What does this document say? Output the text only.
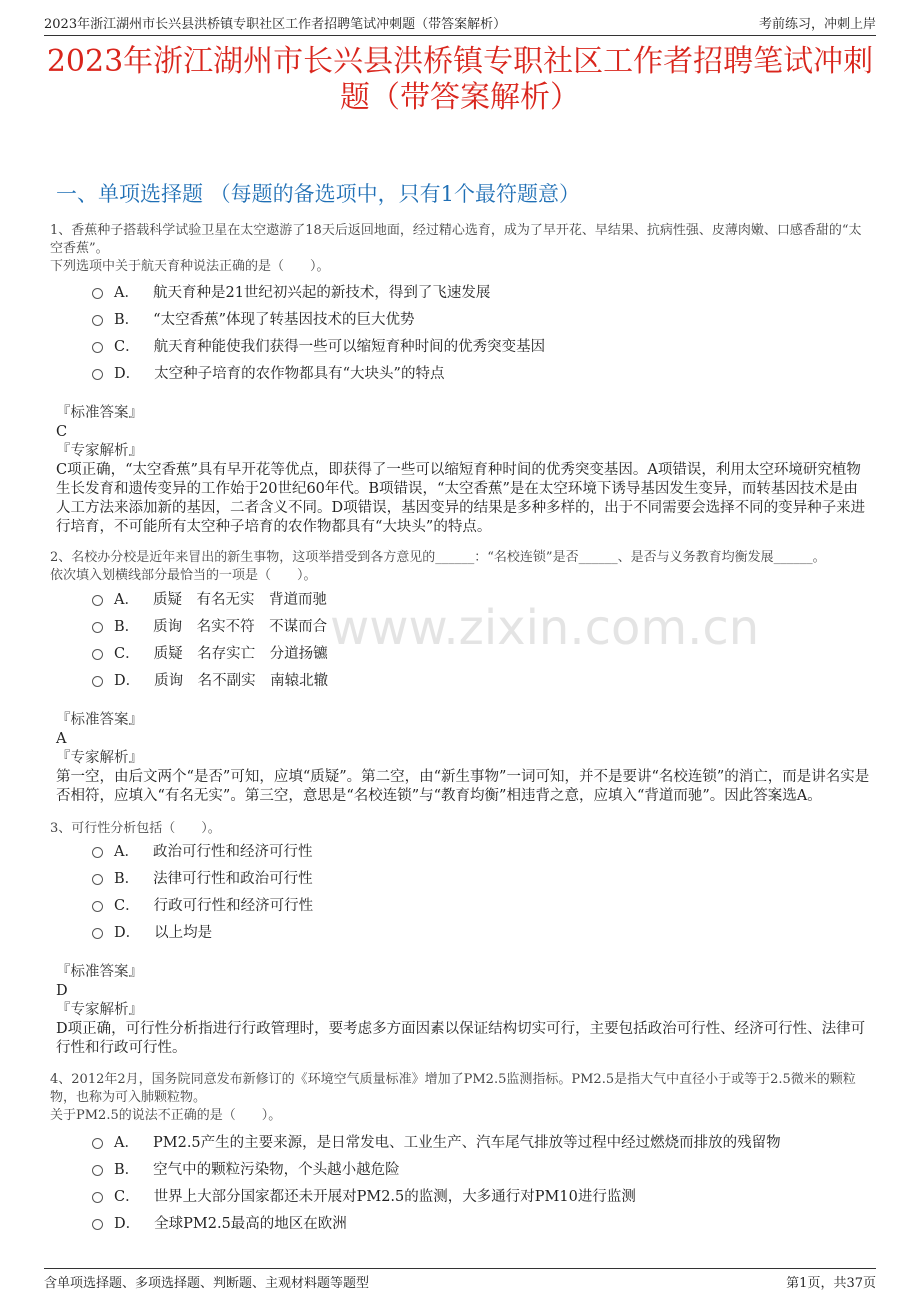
2023年浙江湖州市长兴县洪桥镇专职社区工作者招聘笔试冲刺题（带答案解析）	考前练习，冲刺上岸
2023年浙江湖州市长兴县洪桥镇专职社区工作者招聘笔试冲刺题（带答案解析）
一、单项选择题 （每题的备选项中，只有1个最符题意）
www.zixin.com.cn
1、香蕉种子搭载科学试验卫星在太空遨游了18天后返回地面，经过精心选育，成为了早开花、早结果、抗病性强、皮薄肉嫩、口感香甜的“太空香蕉”。
下列选项中关于航天育种说法正确的是（　　）。
A． 航天育种是21世纪初兴起的新技术，得到了飞速发展
B． “太空香蕉”体现了转基因技术的巨大优势
C． 航天育种能使我们获得一些可以缩短育种时间的优秀突变基因
D． 太空种子培育的农作物都具有“大块头”的特点
『标准答案』
C
『专家解析』
C项正确，“太空香蕉”具有早开花等优点，即获得了一些可以缩短育种时间的优秀突变基因。A项错误，利用太空环境研究植物生长发育和遗传变异的工作始于20世纪60年代。B项错误，“太空香蕉”是在太空环境下诱导基因发生变异，而转基因技术是由人工方法来添加新的基因，二者含义不同。D项错误，基因变异的结果是多种多样的，出于不同需要会选择不同的变异种子来进行培育，不可能所有太空种子培育的农作物都具有“大块头”的特点。
2、名校办分校是近年来冒出的新生事物，这项举措受到各方意见的______：“名校连锁”是否______、是否与义务教育均衡发展______。
依次填入划横线部分最恰当的一项是（　　）。
A． 质疑　有名无实　背道而驰
B． 质询　名实不符　不谋而合
C． 质疑　名存实亡　分道扬镳
D． 质询　名不副实　南辕北辙
『标准答案』
A
『专家解析』
第一空，由后文两个“是否”可知，应填“质疑”。第二空，由“新生事物”一词可知，并不是要讲“名校连锁”的消亡，而是讲名实是否相符，应填入“有名无实”。第三空，意思是“名校连锁”与“教育均衡”相违背之意，应填入“背道而驰”。因此答案选A。
3、可行性分析包括（　　）。
A． 政治可行性和经济可行性
B． 法律可行性和政治可行性
C． 行政可行性和经济可行性
D． 以上均是
『标准答案』
D
『专家解析』
D项正确，可行性分析指进行行政管理时，要考虑多方面因素以保证结构切实可行，主要包括政治可行性、经济可行性、法律可行性和行政可行性。
4、2012年2月，国务院同意发布新修订的《环境空气质量标准》增加了PM2.5监测指标。PM2.5是指大气中直径小于或等于2.5微米的颗粒物，也称为可入肺颗粒物。
关于PM2.5的说法不正确的是（　　）。
A． PM2.5产生的主要来源，是日常发电、工业生产、汽车尾气排放等过程中经过燃烧而排放的残留物
B． 空气中的颗粒污染物，个头越小越危险
C． 世界上大部分国家都还未开展对PM2.5的监测，大多通行对PM10进行监测
D． 全球PM2.5最高的地区在欧洲
含单项选择题、多项选择题、判断题、主观材料题等题型	第1页，共37页
